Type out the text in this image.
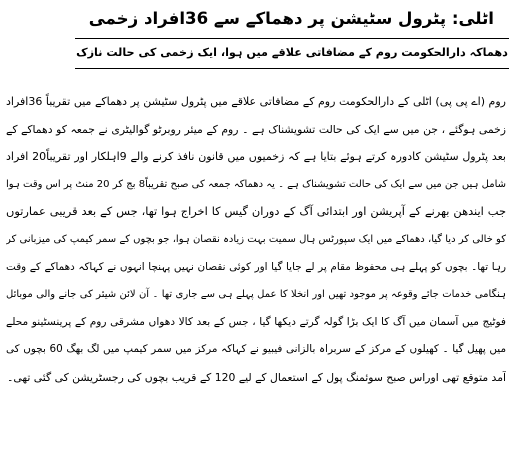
اٹلی: پٹرول سٹیشن پر دھماکے سے 36افراد زخمی
دھماکہ دارالحکومت روم کے مضافاتی علاقے میں ہوا، ایک زخمی کی حالت نازک
روم (اے پی پی) اٹلی کے دارالحکومت روم کے مضافاتی علاقے میں پٹرول سٹیشن پر دھماکے میں تقریباً 36افراد
زخمی ہوگئے ، جن میں سے ایک کی حالت تشویشناک ہے ۔ روم کے میئر روبرٹو گوالیٹری نے جمعہ کو دھماکے کے
بعد پٹرول سٹیشن کادورہ کرتے ہوئے بتایا ہے کہ زخمیوں میں قانون نافذ کرنے والے 9اہلکار اور تقریباً20 افراد
شامل ہیں جن میں سے ایک کی حالت تشویشناک ہے ۔ یہ دھماکہ جمعہ کی صبح تقریباً8 بج کر 20 منٹ پر اس وقت ہوا
جب ایندھن بھرنے کے آپریشن اور ابتدائی آگ کے دوران گیس کا اخراج ہوا تھا، جس کے بعد قریبی عمارتوں
کو خالی کر دیا گیا، دھماکے میں ایک سپورٹس ہال سمیت بہت زیادہ نقصان ہوا، جو بچوں کے سمر کیمپ کی میزبانی کر
رہا تھا۔ بچوں کو پہلے ہی محفوظ مقام پر لے جایا گیا اور کوئی نقصان نہیں پہنچا انہوں نے کہاکہ دھماکے کے وقت
ہنگامی خدمات جائے وقوعہ پر موجود تھیں اور انخلا کا عمل پہلے ہی سے جاری تھا ۔ آن لائن شیئر کی جانے والی موبائل
فوٹیج میں آسمان میں آگ کا ایک بڑا گولہ گرتے دیکھا گیا ، جس کے بعد کالا دھواں مشرقی روم کے پرینسٹینو محلے
میں پھیل گیا ۔ کھیلوں کے مرکز کے سربراہ بالزانی فیبیو نے کہاکہ مرکز میں سمر کیمپ میں لگ بھگ 60 بچوں کی
آمد متوقع تھی اوراس صبح سوئمنگ پول کے استعمال کے لیے 120 کے قریب بچوں کی رجسٹریشن کی گئی تھی۔
